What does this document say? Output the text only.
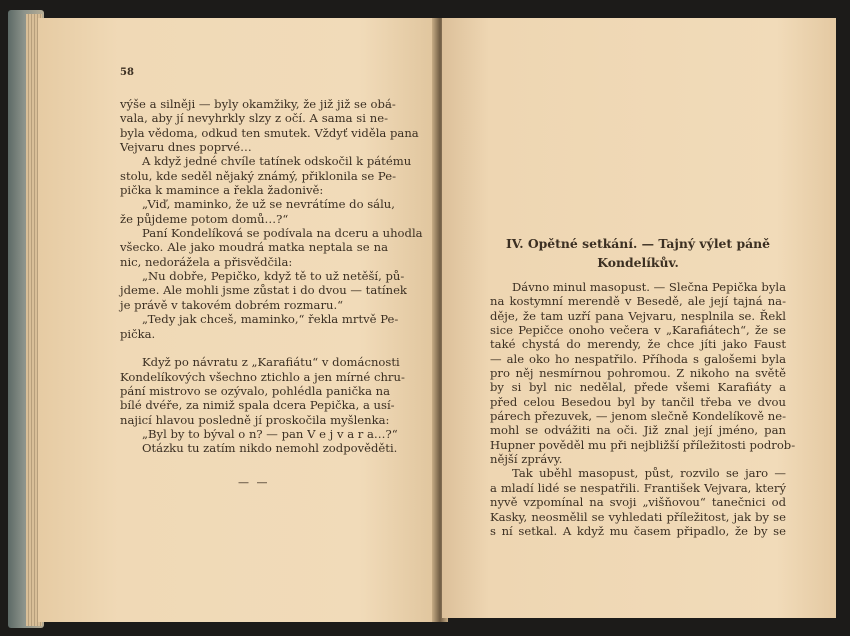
58
výše a silněji — byly okamžiky, že již již se obá-
vala, aby jí nevyhrkly slzy z očí. A sama si ne-
byla vědoma, odkud ten smutek. Vždyť viděla pana
Vejvaru dnes poprvé…
A když jedné chvíle tatínek odskočil k pátému
stolu, kde seděl nějaký známý, přiklonila se Pe-
pička k mamince a řekla žadonivě:
„Viď, maminko, že už se nevrátíme do sálu,
že půjdeme potom domů…?“
Paní Kondelíková se podívala na dceru a uhodla
všecko. Ale jako moudrá matka neptala se na
nic, nedorážela a přisvědčila:
„Nu dobře, Pepičko, když tě to už netěší, pů-
jdeme. Ale mohli jsme zůstat i do dvou — tatínek
je právě v takovém dobrém rozmaru.“
„Tedy jak chceš, maminko,“ řekla mrtvě Pe-
pička.
Když po návratu z „Karafiátu“ v domácnosti
Kondelíkových všechno ztichlo a jen mírné chru-
pání mistrovo se ozývalo, pohlédla panička na
bílé dvéře, za nimiž spala dcera Pepička, a usí-
najicí hlavou posledně jí proskočila myšlenka:
„Byl by to býval o n? — pan V e j v a r a…?“
Otázku tu zatím nikdo nemohl zodpověděti.
— —
IV. Opětné setkání. — Tajný výlet páně
Kondelíkův.
Dávno minul masopust. — Slečna Pepička byla
na kostymní merendě v Besedě, ale její tajná na-
děje, že tam uzří pana Vejvaru, nesplnila se. Řekl
sice Pepičce onoho večera v „Karafiátech“, že se
také chystá do merendy, že chce jíti jako Faust
— ale oko ho nespatřilo. Příhoda s galošemi byla
pro něj nesmírnou pohromou. Z nikoho na světě
by si byl nic nedělal, přede všemi Karafiáty a
před celou Besedou byl by tančil třeba ve dvou
párech přezuvek, — jenom slečně Kondelíkově ne-
mohl se odvážiti na oči. Již znal její jméno, pan
Hupner pověděl mu při nejbližší příležitosti podrob-
nější zprávy.
Tak uběhl masopust, půst, rozvilo se jaro —
a mladí lidé se nespatřili. František Vejvara, který
nyvě vzpomínal na svoji „višňovou“ tanečnici od
Kasky, neosmělil se vyhledati příležitost, jak by se
s ní setkal. A když mu časem připadlo, že by se
